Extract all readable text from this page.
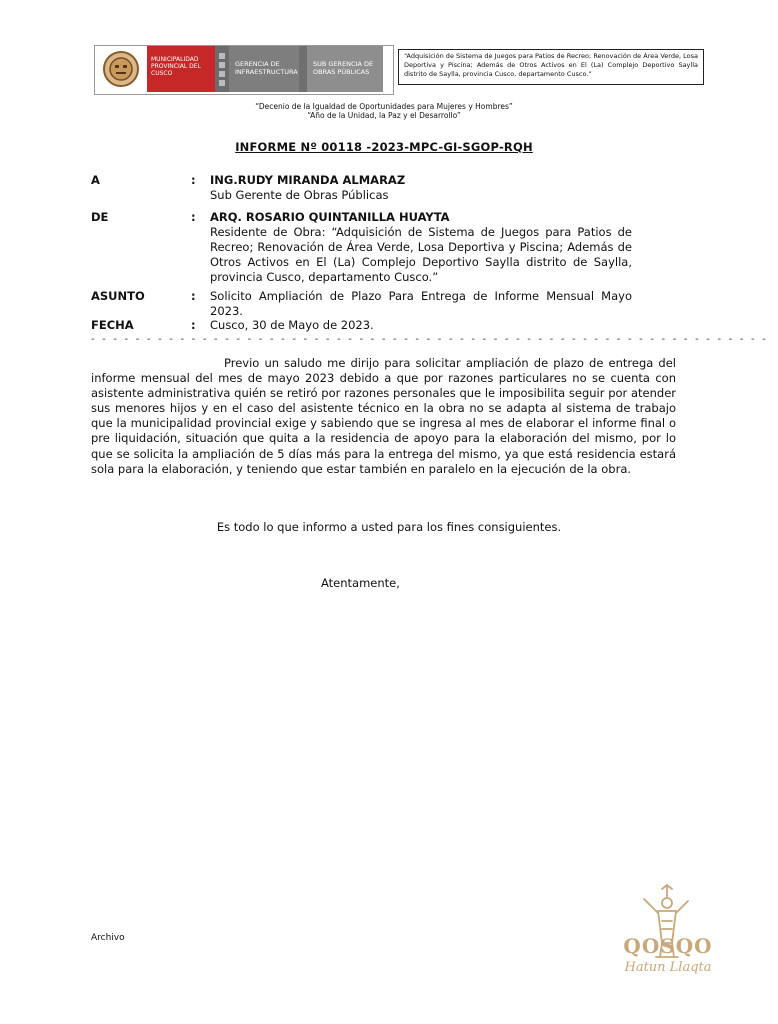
MUNICIPALIDAD PROVINCIAL DEL CUSCO
GERENCIA DE INFRAESTRUCTURA
SUB GERENCIA DE OBRAS PÚBLICAS
“Adquisición de Sistema de Juegos para Patios de Recreo; Renovación de Área Verde, Losa Deportiva y Piscina; Además de Otros Activos en El (La) Complejo Deportivo Saylla distrito de Saylla, provincia Cusco, departamento Cusco.”
“Decenio de la Igualdad de Oportunidades para Mujeres y Hombres”
“Año de la Unidad, la Paz y el Desarrollo”
INFORME Nº 00118 -2023-MPC-GI-SGOP-RQH
A	: ING.RUDY MIRANDA ALMARAZ
Sub Gerente de Obras Públicas
DE	: ARQ. ROSARIO QUINTANILLA HUAYTA
Residente de Obra: “Adquisición de Sistema de Juegos para Patios de Recreo; Renovación de Área Verde, Losa Deportiva y Piscina; Además de Otros Activos en El (La) Complejo Deportivo Saylla distrito de Saylla, provincia Cusco, departamento Cusco.”
ASUNTO	: Solicito Ampliación de Plazo Para Entrega de Informe Mensual Mayo 2023.
FECHA	: Cusco, 30 de Mayo de 2023.
- - - - - - - - - - - - - - - - - - - - - - - - - - - - - - - - - - - - - - - - - - - - - - - - - - - - - - - - - - - - -
Previo un saludo me dirijo para solicitar ampliación de plazo de entrega del informe mensual del mes de mayo 2023 debido a que por razones particulares no se cuenta con asistente administrativa quién se retiró por razones personales que le imposibilita seguir por atender sus menores hijos y en el caso del asistente técnico en la obra no se adapta al sistema de trabajo que la municipalidad provincial exige y sabiendo que se ingresa al mes de elaborar el informe final o pre liquidación, situación que quita a la residencia de apoyo para la elaboración del mismo, por lo que se solicita la ampliación de 5 días más para la entrega del mismo, ya que está residencia estará sola para la elaboración, y teniendo que estar también en paralelo en la ejecución de la obra.
Es todo lo que informo a usted para los fines consiguientes.
Atentamente,
Archivo	QOSQO
Hatun Llaqta
